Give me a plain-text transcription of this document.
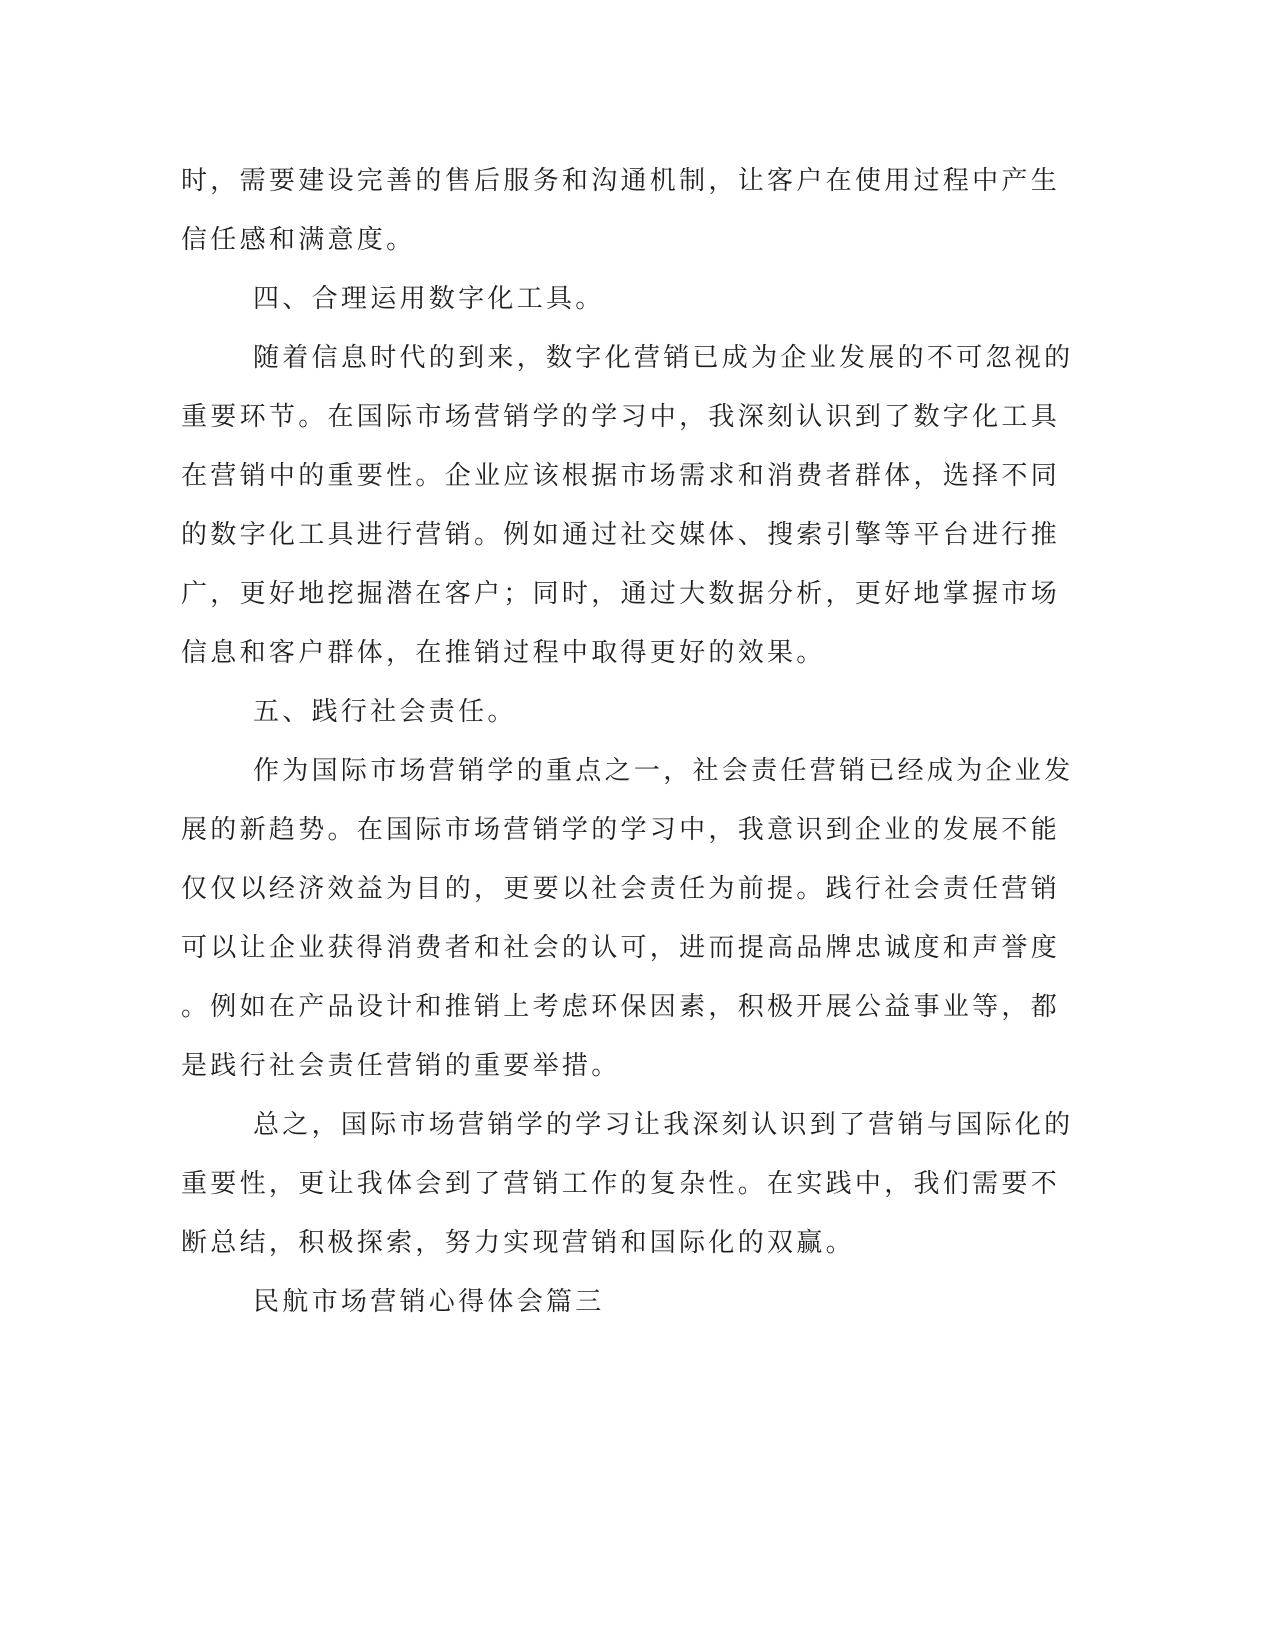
时，需要建设完善的售后服务和沟通机制，让客户在使用过程中产生
信任感和满意度。
四、合理运用数字化工具。
随着信息时代的到来，数字化营销已成为企业发展的不可忽视的
重要环节。在国际市场营销学的学习中，我深刻认识到了数字化工具
在营销中的重要性。企业应该根据市场需求和消费者群体，选择不同
的数字化工具进行营销。例如通过社交媒体、搜索引擎等平台进行推
广，更好地挖掘潜在客户；同时，通过大数据分析，更好地掌握市场
信息和客户群体，在推销过程中取得更好的效果。
五、践行社会责任。
作为国际市场营销学的重点之一，社会责任营销已经成为企业发
展的新趋势。在国际市场营销学的学习中，我意识到企业的发展不能
仅仅以经济效益为目的，更要以社会责任为前提。践行社会责任营销
可以让企业获得消费者和社会的认可，进而提高品牌忠诚度和声誉度
。例如在产品设计和推销上考虑环保因素，积极开展公益事业等，都
是践行社会责任营销的重要举措。
总之，国际市场营销学的学习让我深刻认识到了营销与国际化的
重要性，更让我体会到了营销工作的复杂性。在实践中，我们需要不
断总结，积极探索，努力实现营销和国际化的双赢。
民航市场营销心得体会篇三
